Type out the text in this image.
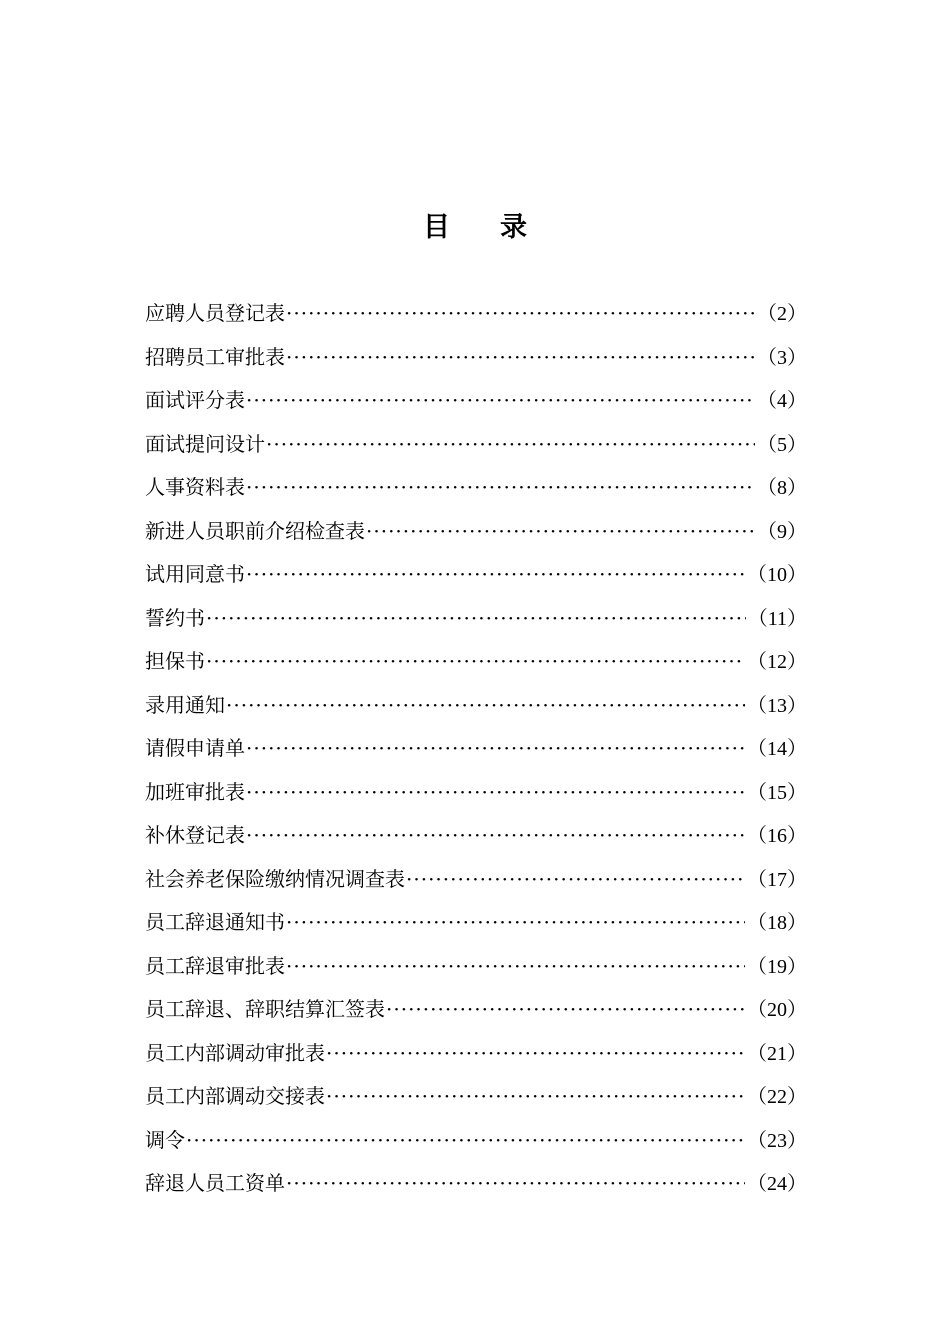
目 录
应聘人员登记表 ·····	（2）
招聘员工审批表 ·····	（3）
面试评分表 ·····	（4）
面试提问设计 ·····	（5）
人事资料表 ·····	（8）
新进人员职前介绍检查表 ·····	（9）
试用同意书 ·····	（10）
誓约书 ·····	（11）
担保书 ·····	（12）
录用通知 ·····	（13）
请假申请单 ·····	（14）
加班审批表 ·····	（15）
补休登记表 ·····	（16）
社会养老保险缴纳情况调查表 ·····	（17）
员工辞退通知书 ·····	（18）
员工辞退审批表 ·····	（19）
员工辞退、辞职结算汇签表 ·····	（20）
员工内部调动审批表 ·····	（21）
员工内部调动交接表 ·····	（22）
调令 ·····	（23）
辞退人员工资单 ·····	（24）
